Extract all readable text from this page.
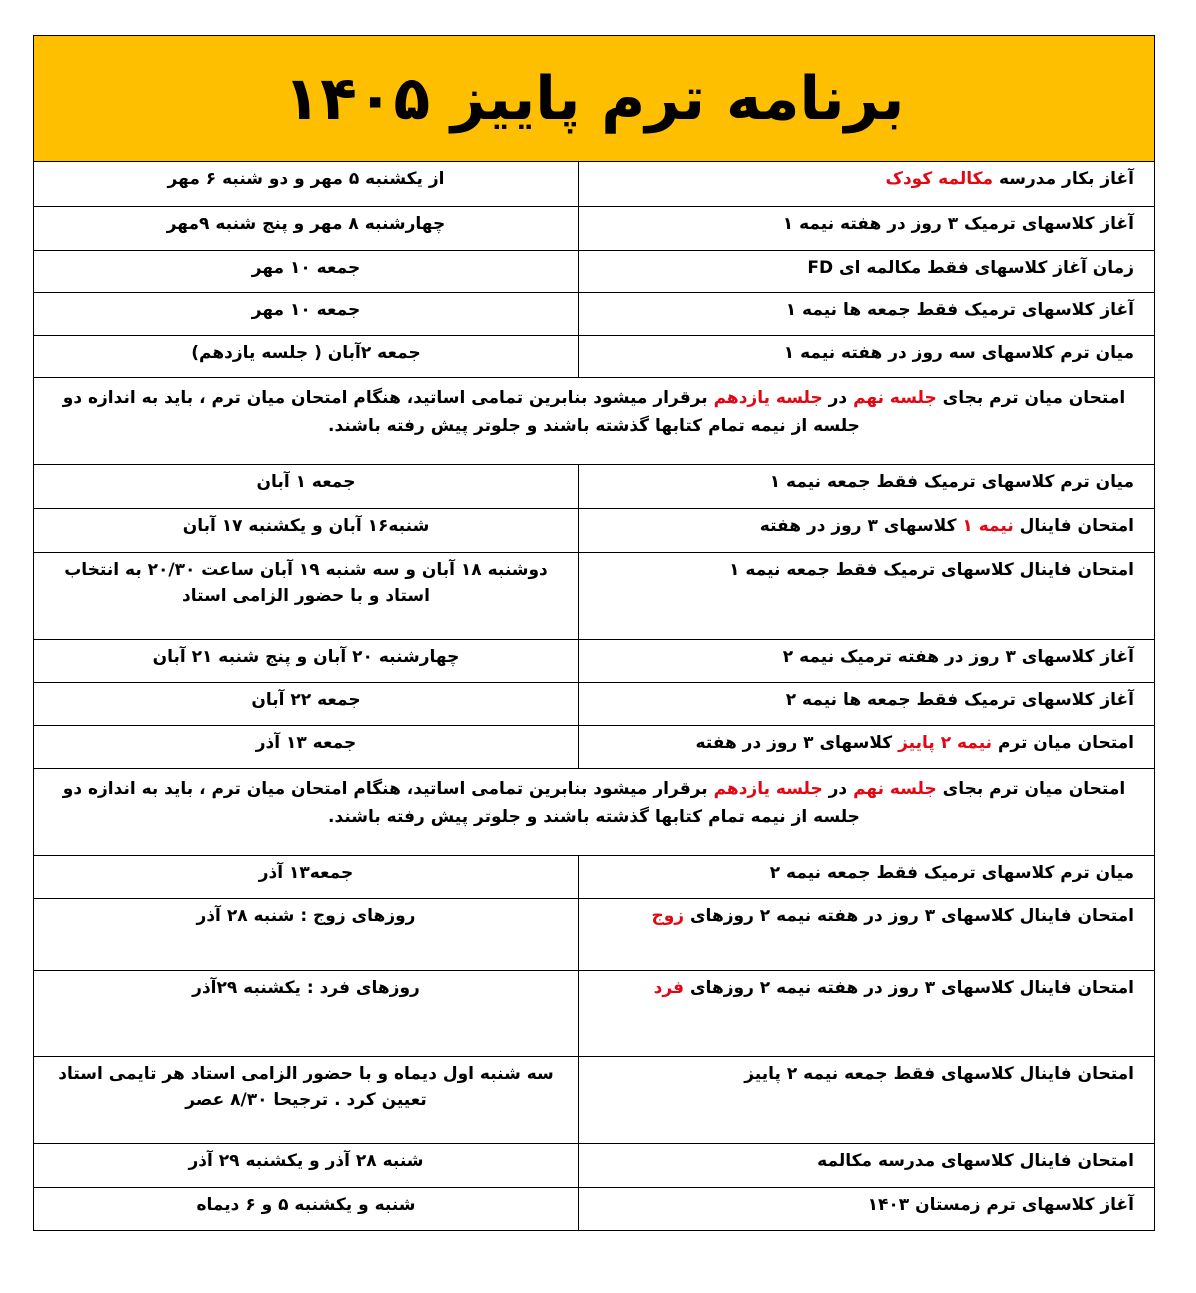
برنامه ترم پاییز ۱۴۰۵
آغاز بکار مدرسه مکالمه کودک	از یکشنبه ۵ مهر و دو شنبه ۶ مهر
آغاز کلاسهای ترمیک ۳ روز در هفته نیمه ۱	چهارشنبه ۸ مهر و پنج شنبه ۹مهر
زمان آغاز کلاسهای فقط مکالمه ای FD	جمعه ۱۰ مهر
آغاز کلاسهای ترمیک فقط جمعه ها نیمه ۱	جمعه ۱۰ مهر
میان ترم کلاسهای سه روز در هفته نیمه ۱	جمعه ۲آبان ( جلسه یازدهم)
امتحان میان ترم بجای جلسه نهم در جلسه یازدهم برقرار میشود بنابرین تمامی اساتید، هنگام امتحان میان ترم ، باید به اندازه دو جلسه از نیمه تمام کتابها گذشته باشند و جلوتر پیش رفته باشند.	
میان ترم کلاسهای ترمیک فقط جمعه نیمه ۱	جمعه ۱ آبان
امتحان فاینال نیمه ۱ کلاسهای ۳ روز در هفته	شنبه۱۶ آبان و یکشنبه ۱۷ آبان
امتحان فاینال کلاسهای ترمیک فقط جمعه نیمه ۱	دوشنبه ۱۸ آبان و سه شنبه ۱۹ آبان ساعت ۲۰/۳۰ به انتخاب استاد و با حضور الزامی استاد
آغاز کلاسهای ۳ روز در هفته ترمیک نیمه ۲	چهارشنبه ۲۰ آبان و پنج شنبه ۲۱ آبان
آغاز کلاسهای ترمیک فقط جمعه ها نیمه ۲	جمعه ۲۲ آبان
امتحان میان ترم نیمه ۲ پاییز کلاسهای ۳ روز در هفته	جمعه ۱۳ آذر
امتحان میان ترم بجای جلسه نهم در جلسه یازدهم برقرار میشود بنابرین تمامی اساتید، هنگام امتحان میان ترم ، باید به اندازه دو جلسه از نیمه تمام کتابها گذشته باشند و جلوتر پیش رفته باشند.	
میان ترم کلاسهای ترمیک فقط جمعه نیمه ۲	جمعه۱۳ آذر
امتحان فاینال کلاسهای ۳ روز در هفته نیمه ۲ روزهای زوج	روزهای زوج : شنبه ۲۸ آذر
امتحان فاینال کلاسهای ۳ روز در هفته نیمه ۲ روزهای فرد	روزهای فرد : یکشنبه ۲۹آذر
امتحان فاینال کلاسهای فقط جمعه نیمه ۲ پاییز	سه شنبه اول دیماه و با حضور الزامی استاد هر تایمی استاد تعیین کرد . ترجیحا ۸/۳۰ عصر
امتحان فاینال کلاسهای مدرسه مکالمه	شنبه ۲۸ آذر و یکشنبه ۲۹ آذر
آغاز کلاسهای ترم زمستان ۱۴۰۳	شنبه و یکشنبه ۵ و ۶ دیماه
